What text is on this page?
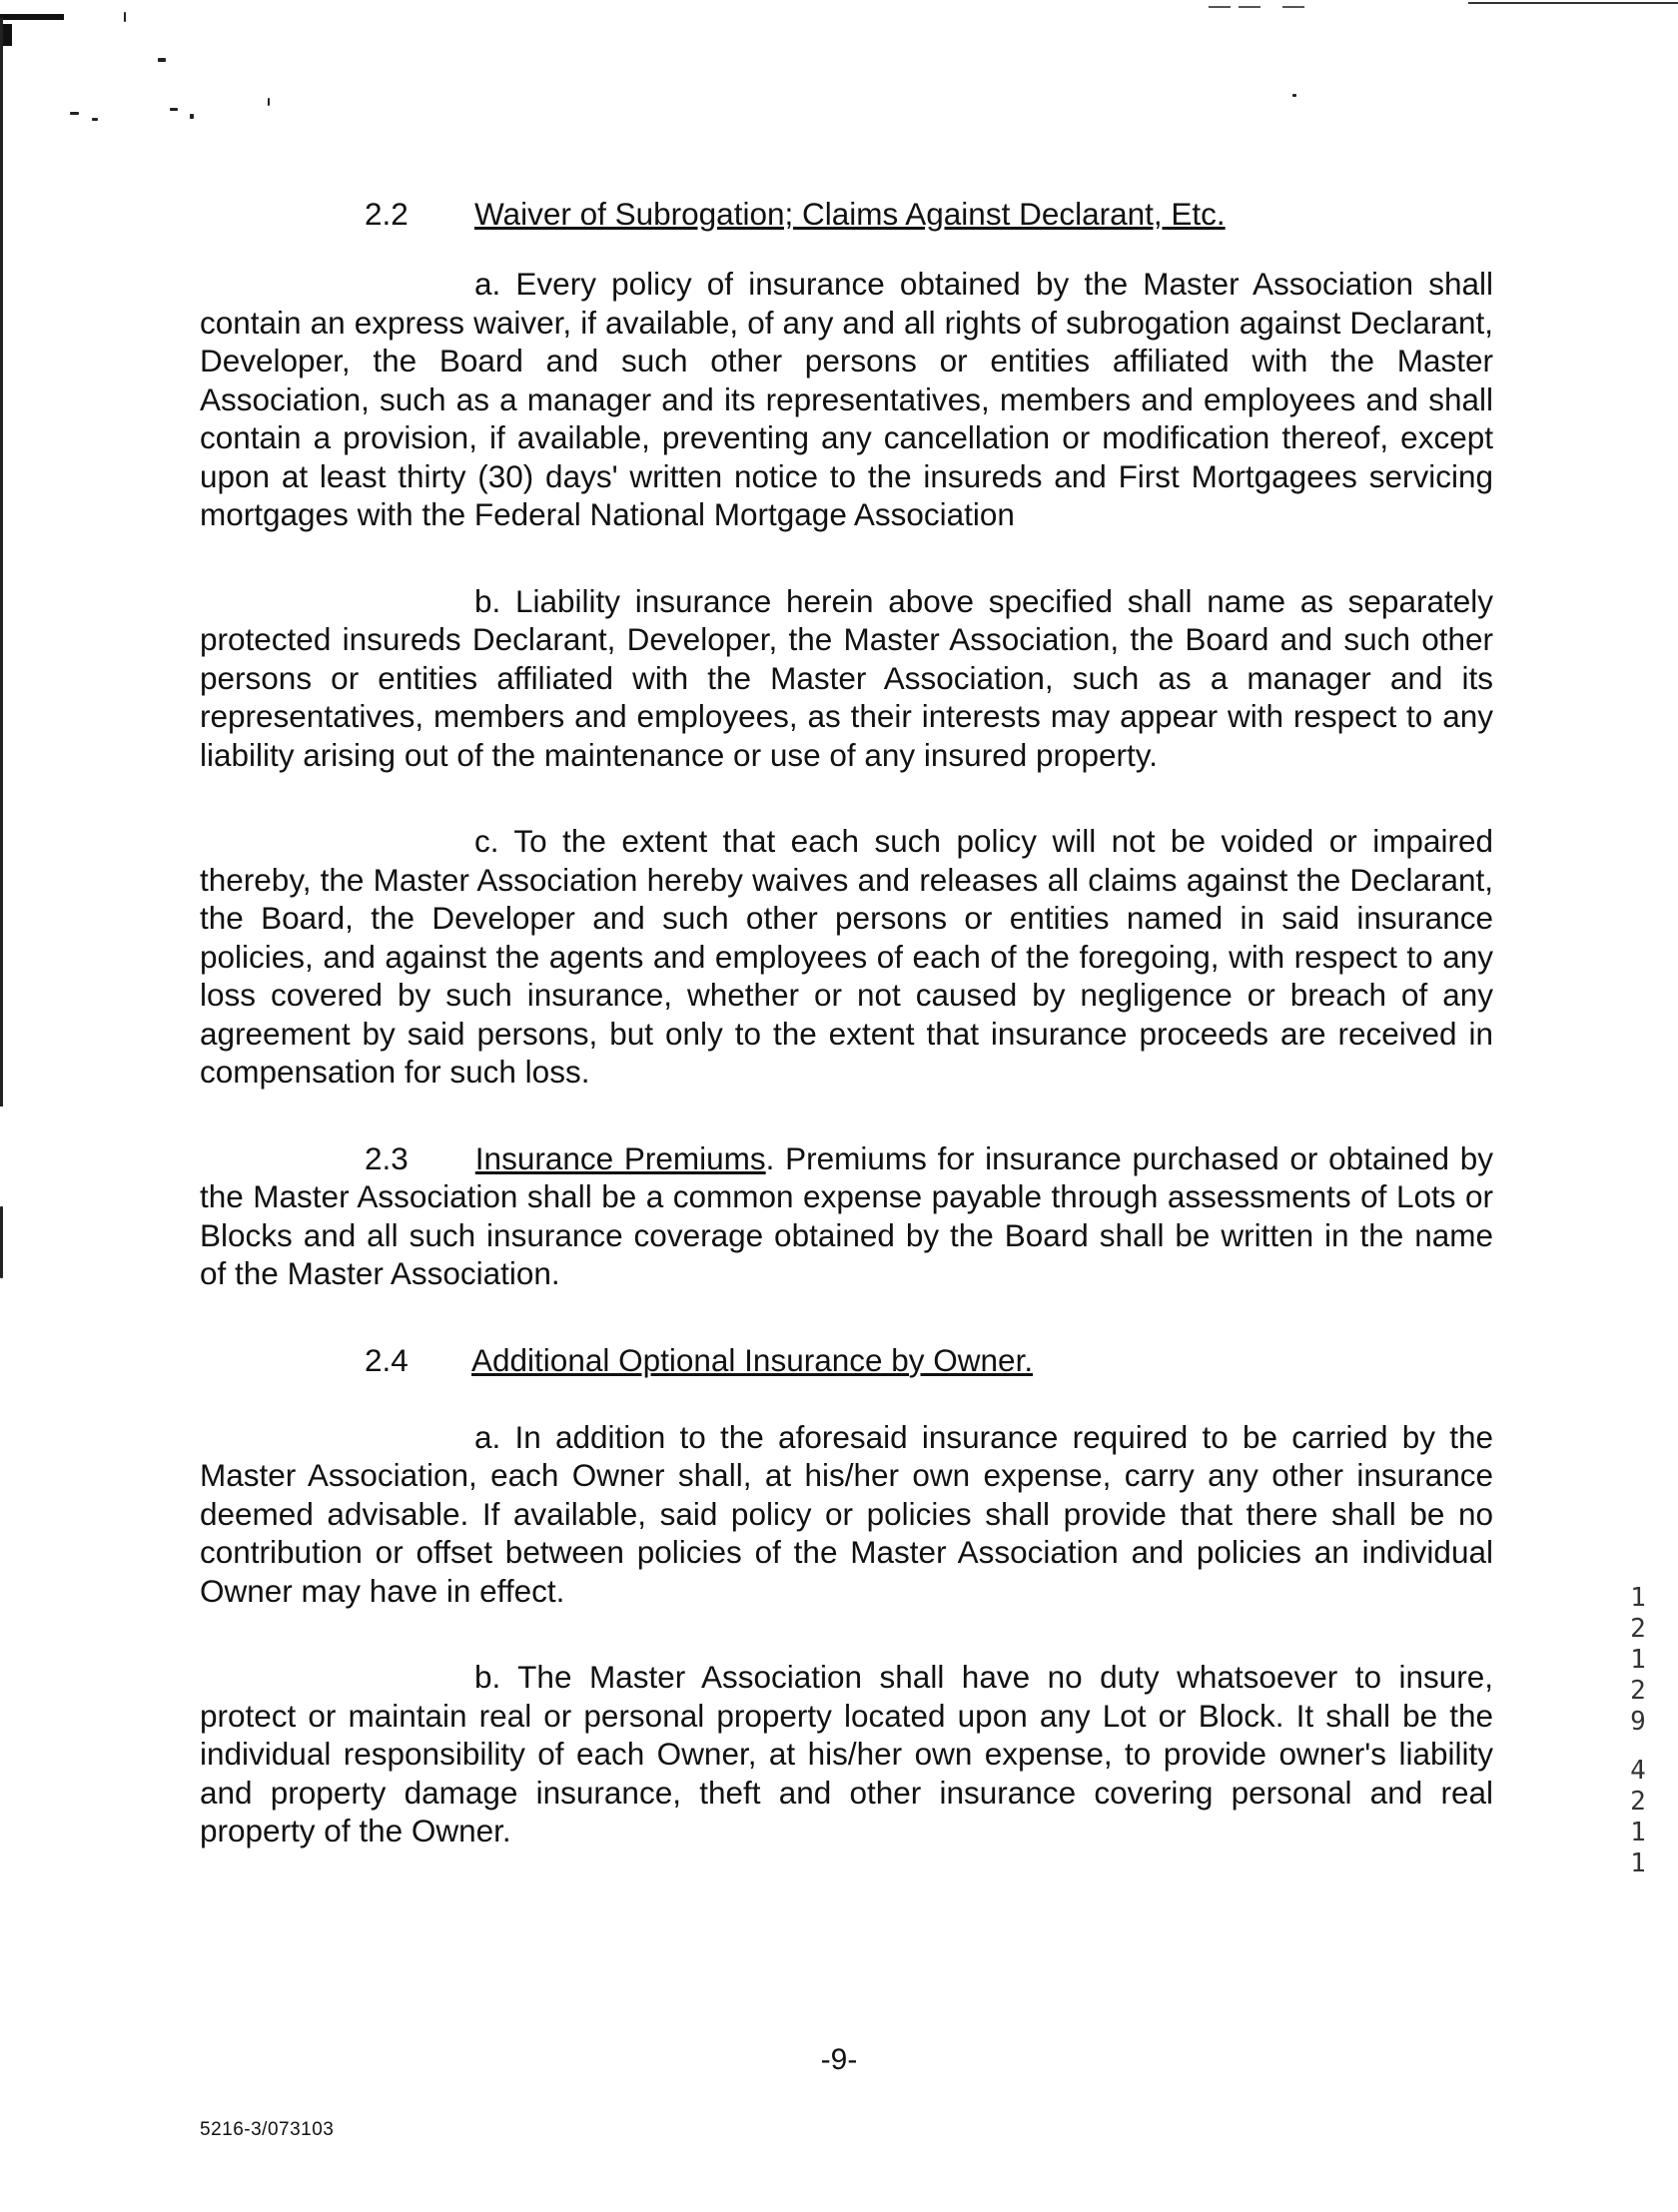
2.2 Waiver of Subrogation; Claims Against Declarant, Etc.

a. Every policy of insurance obtained by the Master Association shall contain an express waiver, if available, of any and all rights of subrogation against Declarant, Developer, the Board and such other persons or entities affiliated with the Master Association, such as a manager and its representatives, members and employees and shall contain a provision, if available, preventing any cancellation or modification thereof, except upon at least thirty (30) days' written notice to the insureds and First Mortgagees servicing mortgages with the Federal National Mortgage Association

b. Liability insurance herein above specified shall name as separately protected insureds Declarant, Developer, the Master Association, the Board and such other persons or entities affiliated with the Master Association, such as a manager and its representatives, members and employees, as their interests may appear with respect to any liability arising out of the maintenance or use of any insured property.

c. To the extent that each such policy will not be voided or impaired thereby, the Master Association hereby waives and releases all claims against the Declarant, the Board, the Developer and such other persons or entities named in said insurance policies, and against the agents and employees of each of the foregoing, with respect to any loss covered by such insurance, whether or not caused by negligence or breach of any agreement by said persons, but only to the extent that insurance proceeds are received in compensation for such loss.

2.3 Insurance Premiums. Premiums for insurance purchased or obtained by the Master Association shall be a common expense payable through assessments of Lots or Blocks and all such insurance coverage obtained by the Board shall be written in the name of the Master Association.

2.4 Additional Optional Insurance by Owner.

a. In addition to the aforesaid insurance required to be carried by the Master Association, each Owner shall, at his/her own expense, carry any other insurance deemed advisable. If available, said policy or policies shall provide that there shall be no contribution or offset between policies of the Master Association and policies an individual Owner may have in effect.

b. The Master Association shall have no duty whatsoever to insure, protect or maintain real or personal property located upon any Lot or Block. It shall be the individual responsibility of each Owner, at his/her own expense, to provide owner's liability and property damage insurance, theft and other insurance covering personal and real property of the Owner.

1
2
1
2
9
4
2
1
1
-9-
5216-3/073103
